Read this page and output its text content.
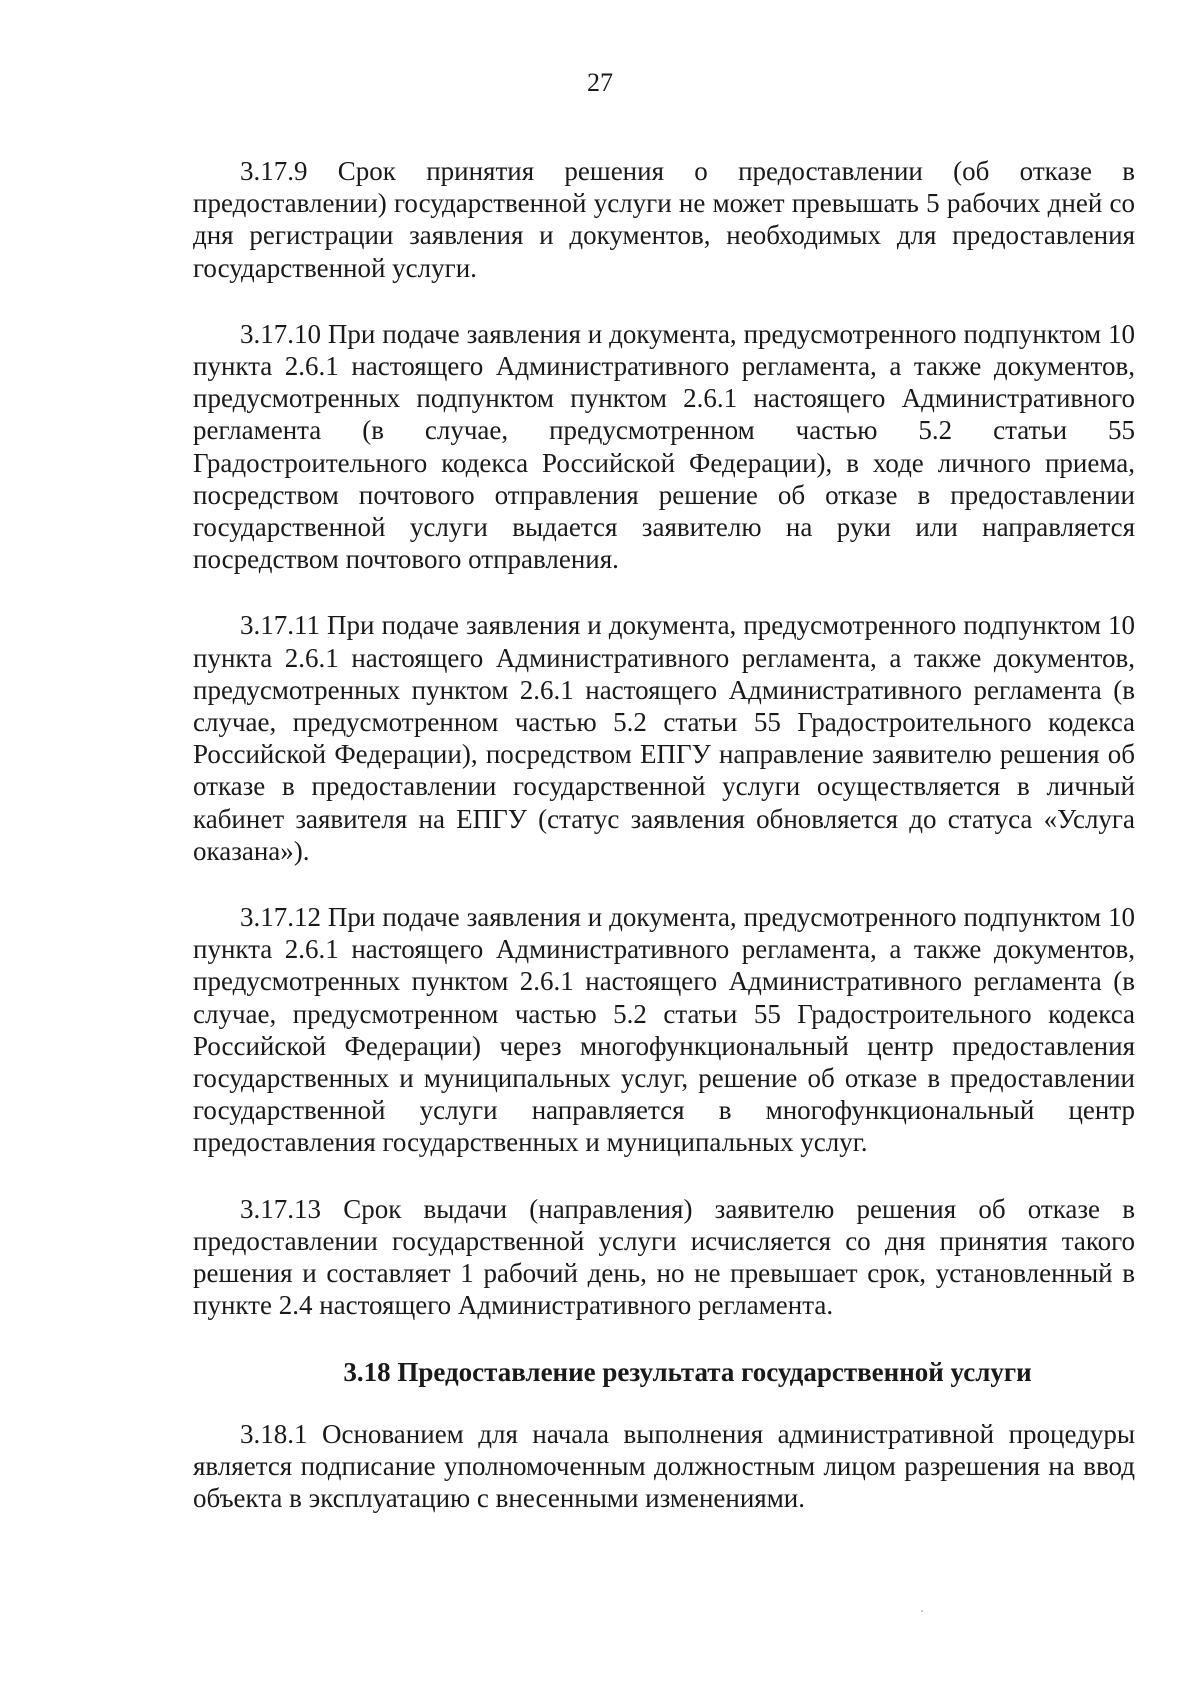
27

3.17.9 Срок принятия решения о предоставлении (об отказе в предоставлении) государственной услуги не может превышать 5 рабочих дней со дня регистрации заявления и документов, необходимых для предоставления государственной услуги.

3.17.10 При подаче заявления и документа, предусмотренного подпунктом 10 пункта 2.6.1 настоящего Административного регламента, а также документов, предусмотренных подпунктом пунктом 2.6.1 настоящего Административного регламента (в случае, предусмотренном частью 5.2 статьи 55 Градостроительного кодекса Российской Федерации), в ходе личного приема, посредством почтового отправления решение об отказе в предоставлении государственной услуги выдается заявителю на руки или направляется посредством почтового отправления.

3.17.11 При подаче заявления и документа, предусмотренного подпунктом 10 пункта 2.6.1 настоящего Административного регламента, а также документов, предусмотренных пунктом 2.6.1 настоящего Административного регламента (в случае, предусмотренном частью 5.2 статьи 55 Градостроительного кодекса Российской Федерации), посредством ЕПГУ направление заявителю решения об отказе в предоставлении государственной услуги осуществляется в личный кабинет заявителя на ЕПГУ (статус заявления обновляется до статуса «Услуга оказана»).

3.17.12 При подаче заявления и документа, предусмотренного подпунктом 10 пункта 2.6.1 настоящего Административного регламента, а также документов, предусмотренных пунктом 2.6.1 настоящего Административного регламента (в случае, предусмотренном частью 5.2 статьи 55 Градостроительного кодекса Российской Федерации) через многофункциональный центр предоставления государственных и муниципальных услуг, решение об отказе в предоставлении государственной услуги направляется в многофункциональный центр предоставления государственных и муниципальных услуг.

3.17.13 Срок выдачи (направления) заявителю решения об отказе в предоставлении государственной услуги исчисляется со дня принятия такого решения и составляет 1 рабочий день, но не превышает срок, установленный в пункте 2.4 настоящего Административного регламента.

3.18 Предоставление результата государственной услуги

3.18.1 Основанием для начала выполнения административной процедуры является подписание уполномоченным должностным лицом разрешения на ввод объекта в эксплуатацию с внесенными изменениями.
